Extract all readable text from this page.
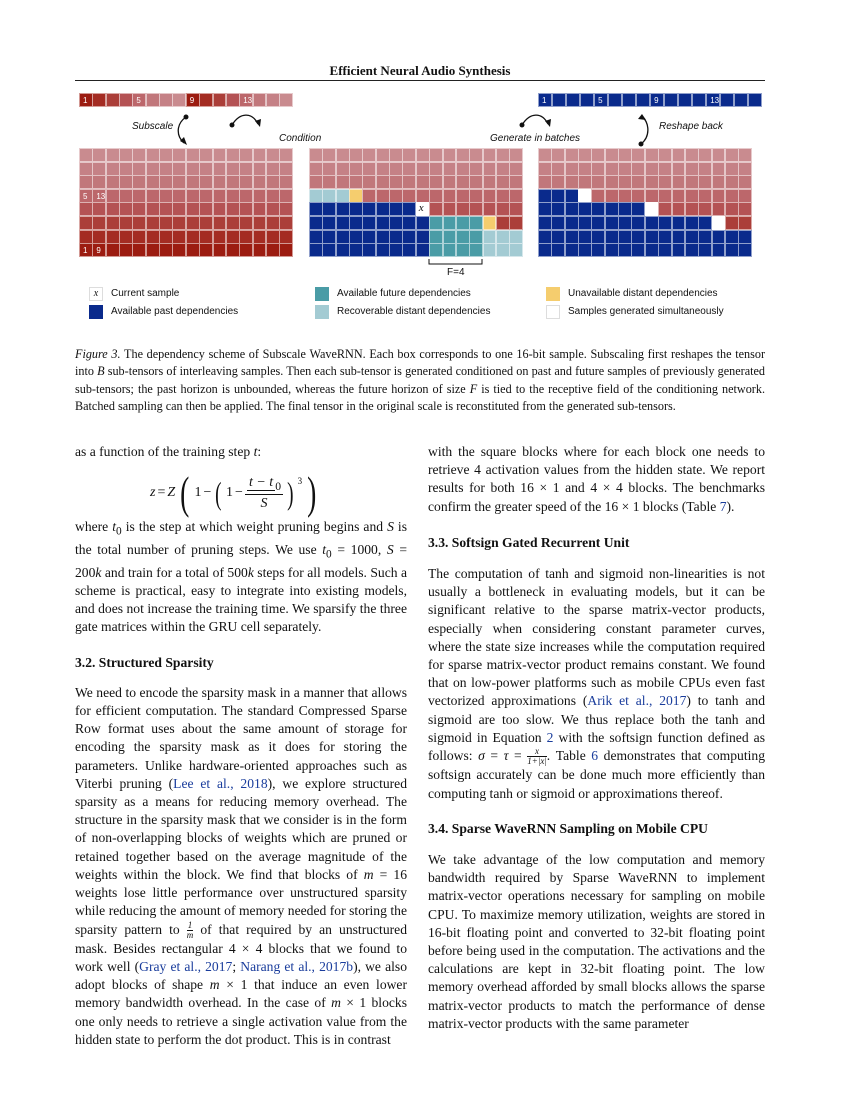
Efficient Neural Audio Synthesis
Subscale
Condition	Generate in batches
Reshape back
F=4
1	1
5	5
9	9
13	13
5	13
1	9
x
x	Current sample
Available past dependencies
Available future dependencies
Recoverable distant dependencies
Unavailable distant dependencies
Samples generated simultaneously
Figure 3. The dependency scheme of Subscale WaveRNN. Each box corresponds to one 16-bit sample. Subscaling first reshapes the tensor into B sub-tensors of interleaving samples. Then each sub-tensor is generated conditioned on past and future samples of previously generated sub-tensors; the past horizon is unbounded, whereas the future horizon of size F is tied to the receptive field of the conditioning network. Batched sampling can then be applied. The final tensor in the original scale is reconstituted from the generated sub-tensors.

as a function of the training step t:

z = Z ( 1 − ( $1 - \frac{t - t _0}{S}$ ) $^3$ )

where $t_0$ is the step at which weight pruning begins and S is the total number of pruning steps. We use $t_0 = 1000$, S = 200k and train for a total of 500k steps for all models. Such a scheme is practical, easy to integrate into existing models, and does not increase the training time. We sparsify the three gate matrices within the GRU cell separately.

3.2. Structured Sparsity

We need to encode the sparsity mask in a manner that allows for efficient computation. The standard Compressed Sparse Row format uses about the same amount of storage for encoding the sparsity mask as it does for storing the parameters. Unlike hardware-oriented approaches such as Viterbi pruning (Lee et al., 2018), we explore structured sparsity as a means for reducing memory overhead. The structure in the sparsity mask that we consider is in the form of non-overlapping blocks of weights which are pruned or retained together based on the average magnitude of the weights within the block. We find that blocks of m = 16 weights lose little performance over unstructured sparsity while reducing the amount of memory needed for storing the sparsity pattern to $\frac{1}{m}$ of that required by an unstructured mask. Besides rectangular 4 × 4 blocks that we found to work well (Gray et al., 2017; Narang et al., 2017b), we also adopt blocks of shape m × 1 that induce an even lower memory bandwidth overhead. In the case of m × 1 blocks one only needs to retrieve a single activation value from the hidden state to perform the dot product. This is in contrast

with the square blocks where for each block one needs to retrieve 4 activation values from the hidden state. We report results for both 16 × 1 and 4 × 4 blocks. The benchmarks confirm the greater speed of the 16 × 1 blocks (Table 7).

3.3. Softsign Gated Recurrent Unit

The computation of tanh and sigmoid non-linearities is not usually a bottleneck in evaluating models, but it can be significant relative to the sparse matrix-vector products, especially when considering constant parameter curves, where the state size increases while the computation required for sparse matrix-vector product remains constant. We found that on low-power platforms such as mobile CPUs even fast vectorized approximations (Arik et al., 2017) to tanh and sigmoid are too slow. We thus replace both the tanh and sigmoid in Equation 2 with the softsign function defined as follows: $\sigma = \tau = \frac{x}{1+|x|}$ . Table 6 demonstrates that computing softsign accurately can be done much more efficiently than computing tanh or sigmoid or approximations thereof.

3.4. Sparse WaveRNN Sampling on Mobile CPU

We take advantage of the low computation and memory bandwidth required by Sparse WaveRNN to implement matrix-vector operations necessary for sampling on mobile CPU. To maximize memory utilization, weights are stored in 16-bit floating point and converted to 32-bit floating point before being used in the computation. The activations and the calculations are kept in 32-bit floating point. The low memory overhead afforded by small blocks allows the sparse matrix-vector products to match the performance of dense matrix-vector products with the same parameter
